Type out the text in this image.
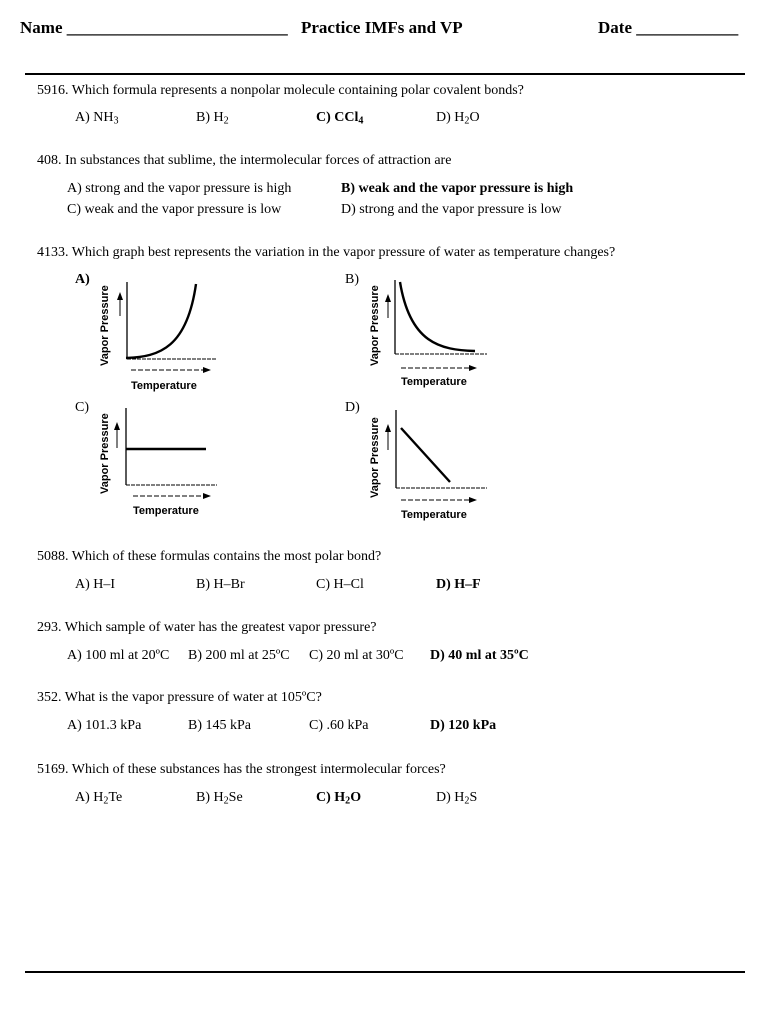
Name __________________________ Practice IMFs and VP	Date ____________
5916. Which formula represents a nonpolar molecule containing polar covalent bonds?
A) $NH_3$	B) $H_2$	C) CCl$_4$	D) $H_2O$
408. In substances that sublime, the intermolecular forces of attraction are
A) strong and the vapor pressure is high	B) weak and the vapor pressure is high
C) weak and the vapor pressure is low	D) strong and the vapor pressure is low
4133. Which graph best represents the variation in the vapor pressure of water as temperature changes?
A)	B)
C)	D)
Vapor Pressure
Temperature
Vapor Pressure
Temperature
Vapor Pressure
Temperature
Vapor Pressure
Temperature
5088. Which of these formulas contains the most polar bond?
A) H–I	B) H–Br	C) H–Cl	D) H–F
293. Which sample of water has the greatest vapor pressure?
A) 100 ml at 20ºC B) 200 ml at 25ºC C) 20 ml at 30ºC D) 40 ml at 35ºC
352. What is the vapor pressure of water at 105ºC?
A) 101.3 kPa	B) 145 kPa	C) .60 kPa	D) 120 kPa
5169. Which of these substances has the strongest intermolecular forces?
A) $H_2Te$	B) $H_2Se$	C) $H_2O$	D) $H_2S$
